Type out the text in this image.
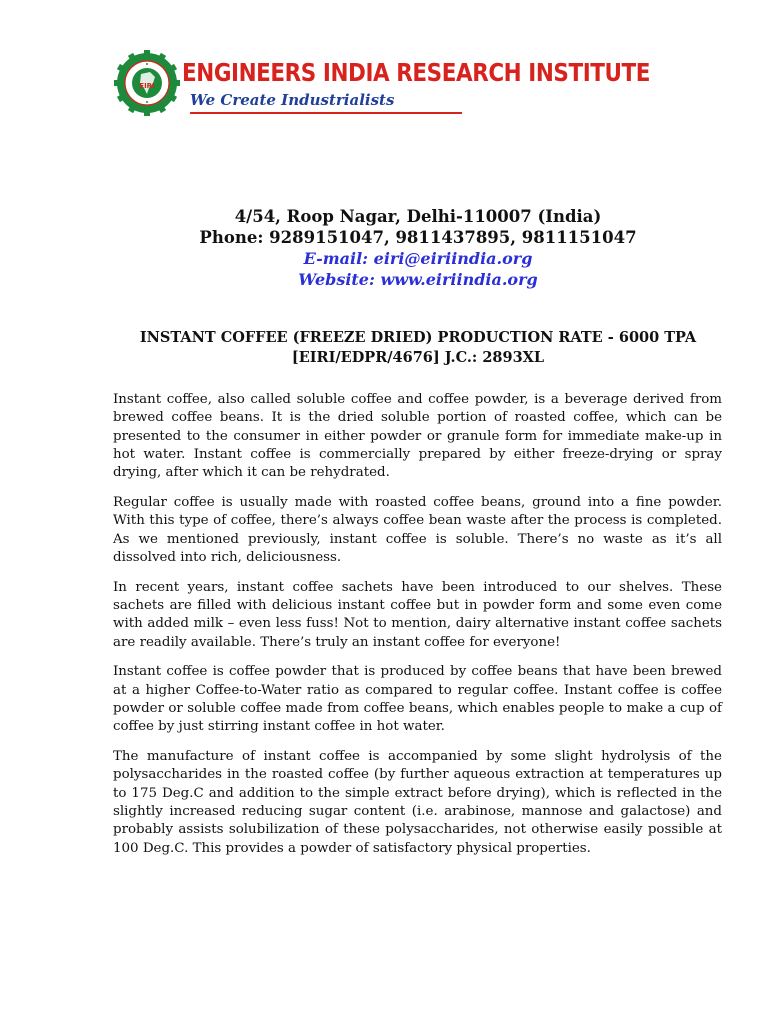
EIRI ENGINEERS INDIA RESEARCH INSTITUTE
We Create Industrialists
4/54, Roop Nagar, Delhi-110007 (India)
Phone: 9289151047, 9811437895, 9811151047
E-mail: eiri@eiriindia.org
Website: www.eiriindia.org
INSTANT COFFEE (FREEZE DRIED) PRODUCTION RATE - 6000 TPA
[EIRI/EDPR/4676] J.C.: 2893XL

Instant coffee, also called soluble coffee and coffee powder, is a beverage derived from brewed coffee beans. It is the dried soluble portion of roasted coffee, which can be presented to the consumer in either powder or granule form for immediate make-up in hot water. Instant coffee is commercially prepared by either freeze-drying or spray drying, after which it can be rehydrated.

Regular coffee is usually made with roasted coffee beans, ground into a fine powder. With this type of coffee, there’s always coffee bean waste after the process is completed. As we mentioned previously, instant coffee is soluble. There’s no waste as it’s all dissolved into rich, deliciousness.

In recent years, instant coffee sachets have been introduced to our shelves. These sachets are filled with delicious instant coffee but in powder form and some even come with added milk – even less fuss! Not to mention, dairy alternative instant coffee sachets are readily available. There’s truly an instant coffee for everyone!

Instant coffee is coffee powder that is produced by coffee beans that have been brewed at a higher Coffee-to-Water ratio as compared to regular coffee. Instant coffee is coffee powder or soluble coffee made from coffee beans, which enables people to make a cup of coffee by just stirring instant coffee in hot water.

The manufacture of instant coffee is accompanied by some slight hydrolysis of the polysaccharides in the roasted coffee (by further aqueous extraction at temperatures up to 175 Deg.C and addition to the simple extract before drying), which is reflected in the slightly increased reducing sugar content (i.e. arabinose, mannose and galactose) and probably assists solubilization of these polysaccharides, not otherwise easily possible at 100 Deg.C. This provides a powder of satisfactory physical properties.
